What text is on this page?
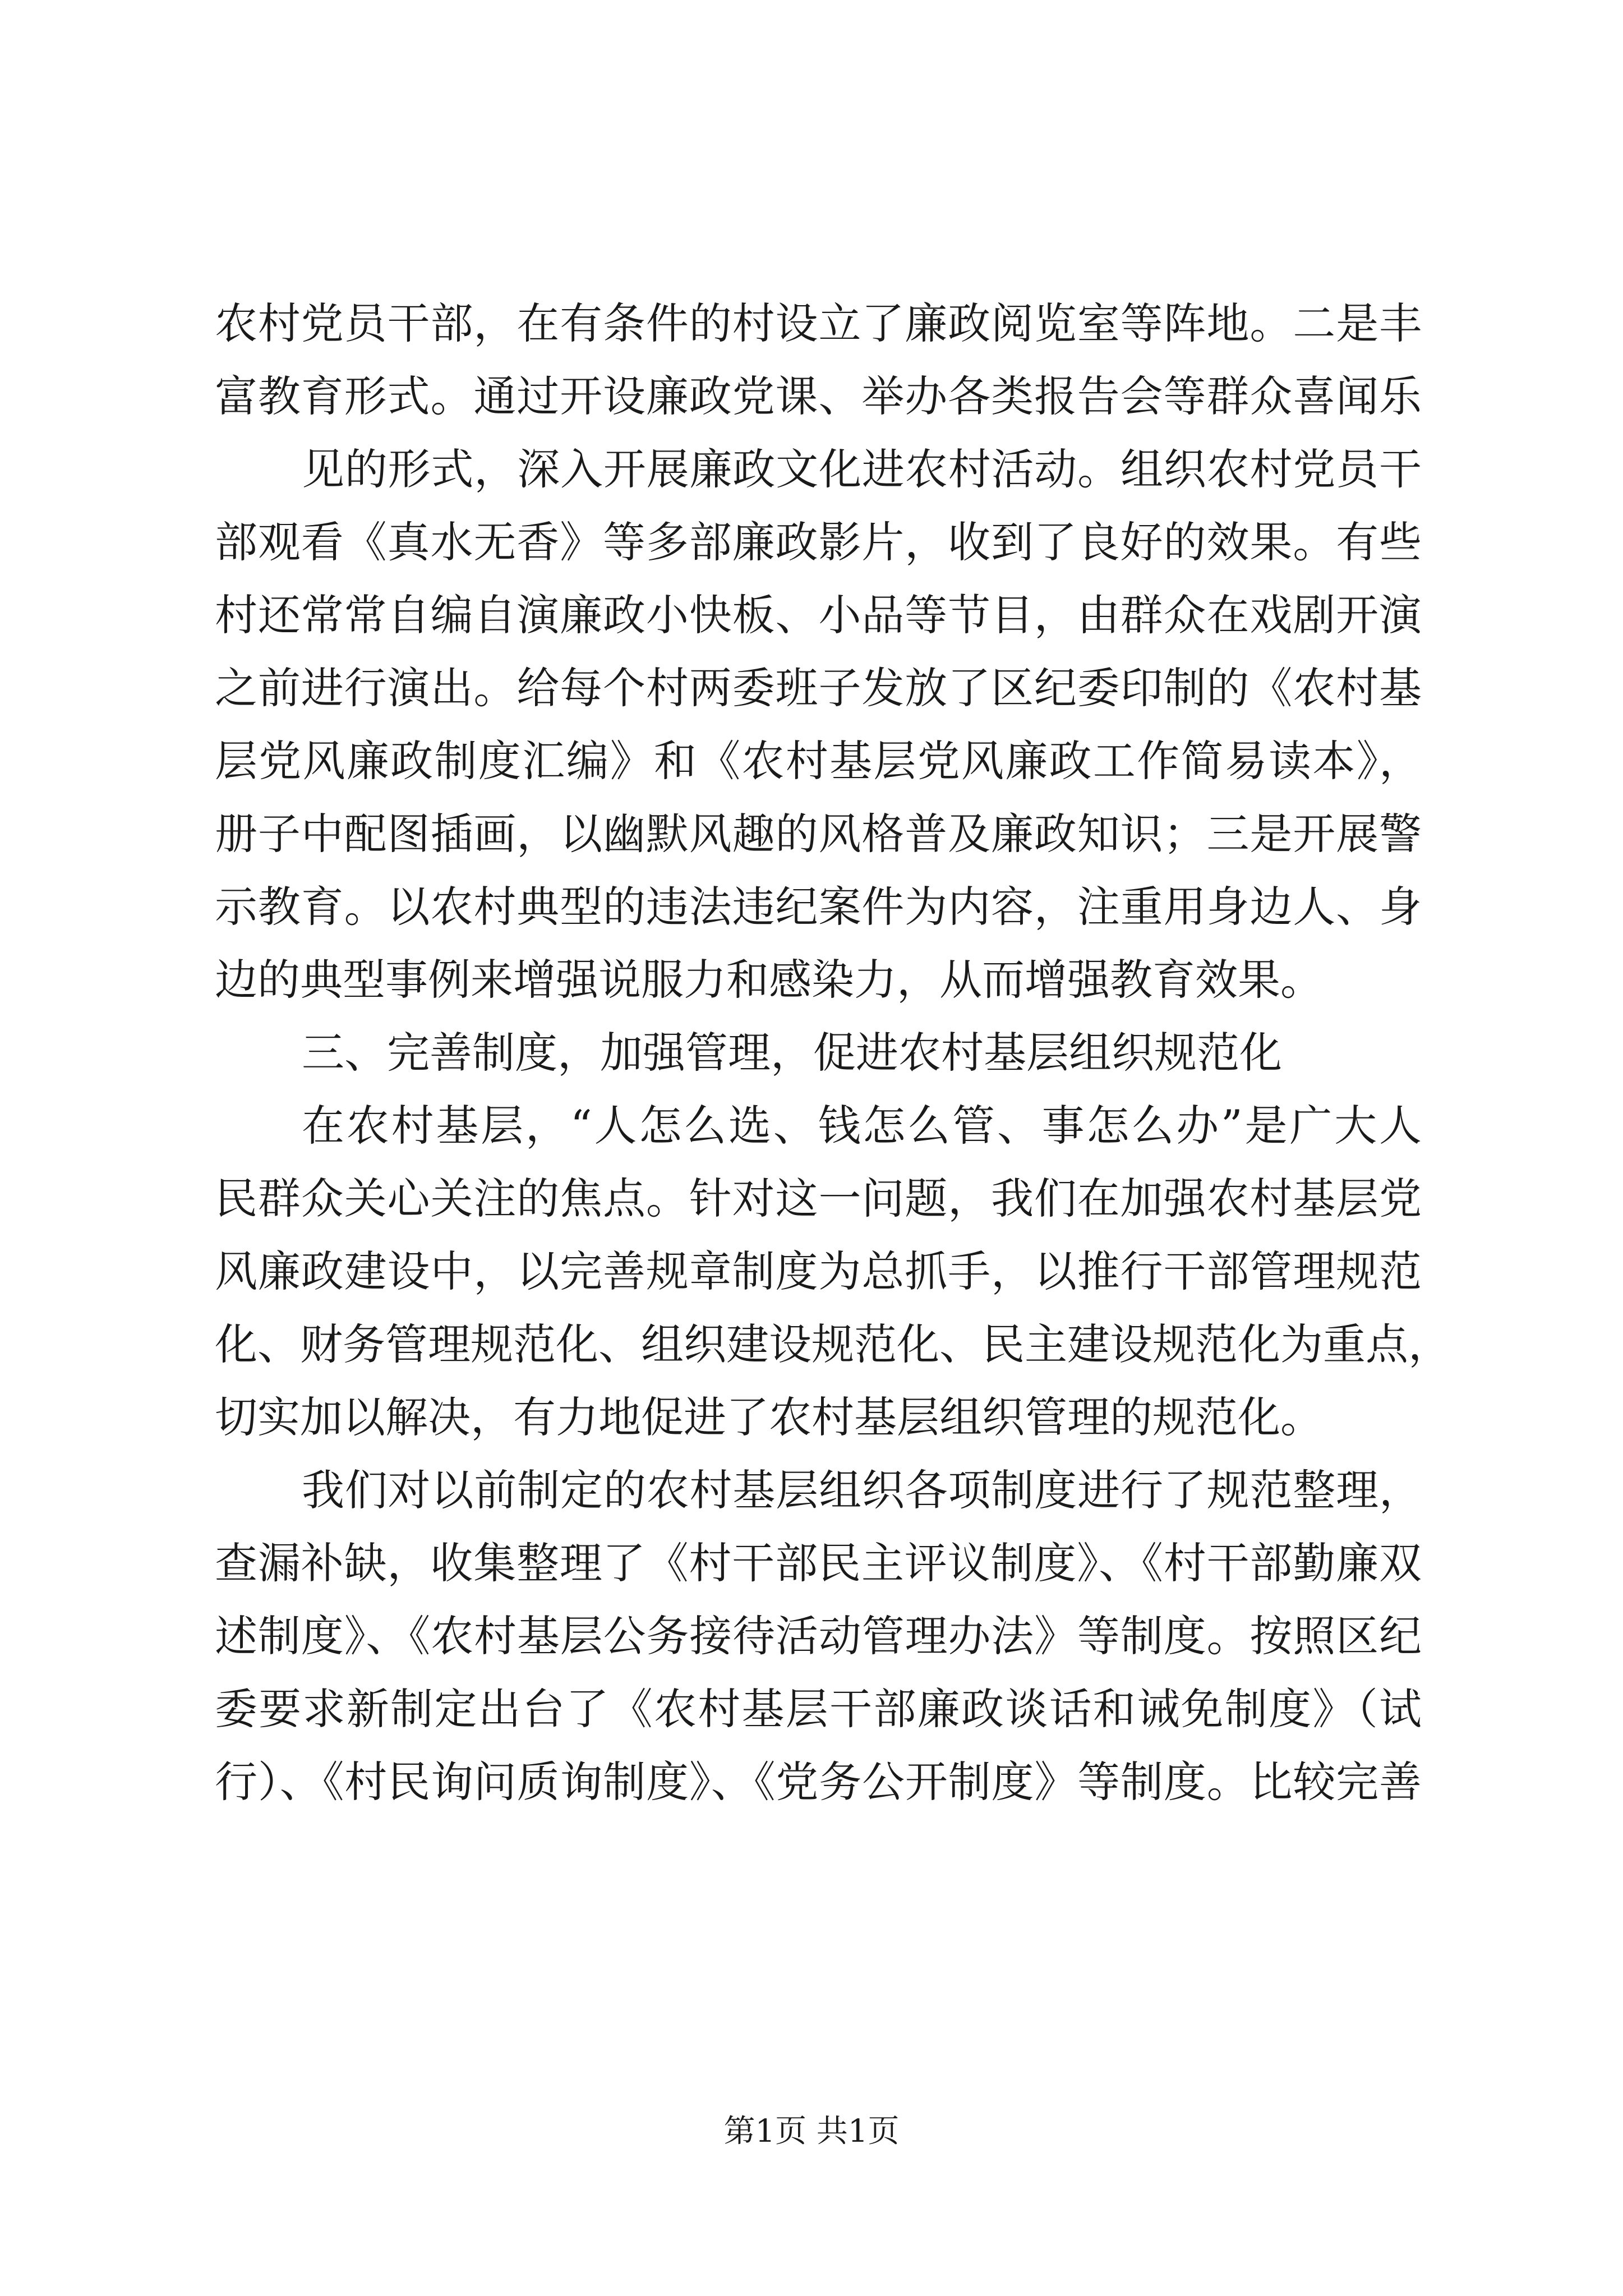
农村党员干部，在有条件的村设立了廉政阅览室等阵地。二是丰
富教育形式。通过开设廉政党课、举办各类报告会等群众喜闻乐
见的形式，深入开展廉政文化进农村活动。组织农村党员干
部观看《真水无香》等多部廉政影片，收到了良好的效果。有些
村还常常自编自演廉政小快板、小品等节目，由群众在戏剧开演
之前进行演出。给每个村两委班子发放了区纪委印制的《农村基
层党风廉政制度汇编》和《农村基层党风廉政工作简易读本》，
册子中配图插画，以幽默风趣的风格普及廉政知识；三是开展警
示教育。以农村典型的违法违纪案件为内容，注重用身边人、身
边的典型事例来增强说服力和感染力，从而增强教育效果。
三、完善制度，加强管理，促进农村基层组织规范化
在农村基层，“人怎么选、钱怎么管、事怎么办”是广大人
民群众关心关注的焦点。针对这一问题，我们在加强农村基层党
风廉政建设中，以完善规章制度为总抓手，以推行干部管理规范
化、财务管理规范化、组织建设规范化、民主建设规范化为重点，
切实加以解决，有力地促进了农村基层组织管理的规范化。
我们对以前制定的农村基层组织各项制度进行了规范整理，
查漏补缺，收集整理了《村干部民主评议制度》、《村干部勤廉双
述制度》、《农村基层公务接待活动管理办法》等制度。按照区纪
委要求新制定出台了《农村基层干部廉政谈话和诫免制度》（试
行）、《村民询问质询制度》、《党务公开制度》等制度。比较完善
第1页 共1页
